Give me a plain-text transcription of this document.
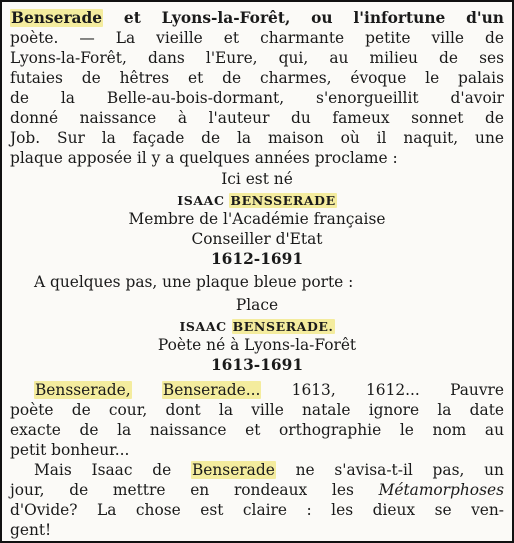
Benserade et Lyons-la-Forêt, ou l'infortune d'un
poète. — La vieille et charmante petite ville de
Lyons-la-Forêt, dans l'Eure, qui, au milieu de ses
futaies de hêtres et de charmes, évoque le palais
de la Belle-au-bois-dormant, s'enorgueillit d'avoir
donné naissance à l'auteur du fameux sonnet de
Job. Sur la façade de la maison où il naquit, une
plaque apposée il y a quelques années proclame :
Ici est né
ISAAC BENSSERADE
Membre de l'Académie française
Conseiller d'Etat
1612-1691
A quelques pas, une plaque bleue porte :
Place
ISAAC BENSERADE.
Poète né à Lyons-la-Forêt
1613-1691
Bensserade, Benserade... 1613, 1612... Pauvre
poète de cour, dont la ville natale ignore la date
exacte de la naissance et orthographie le nom au
petit bonheur...
Mais Isaac de Benserade ne s'avisa-t-il pas, un
jour, de mettre en rondeaux les Métamorphoses
d'Ovide? La chose est claire : les dieux se ven-
gent!
